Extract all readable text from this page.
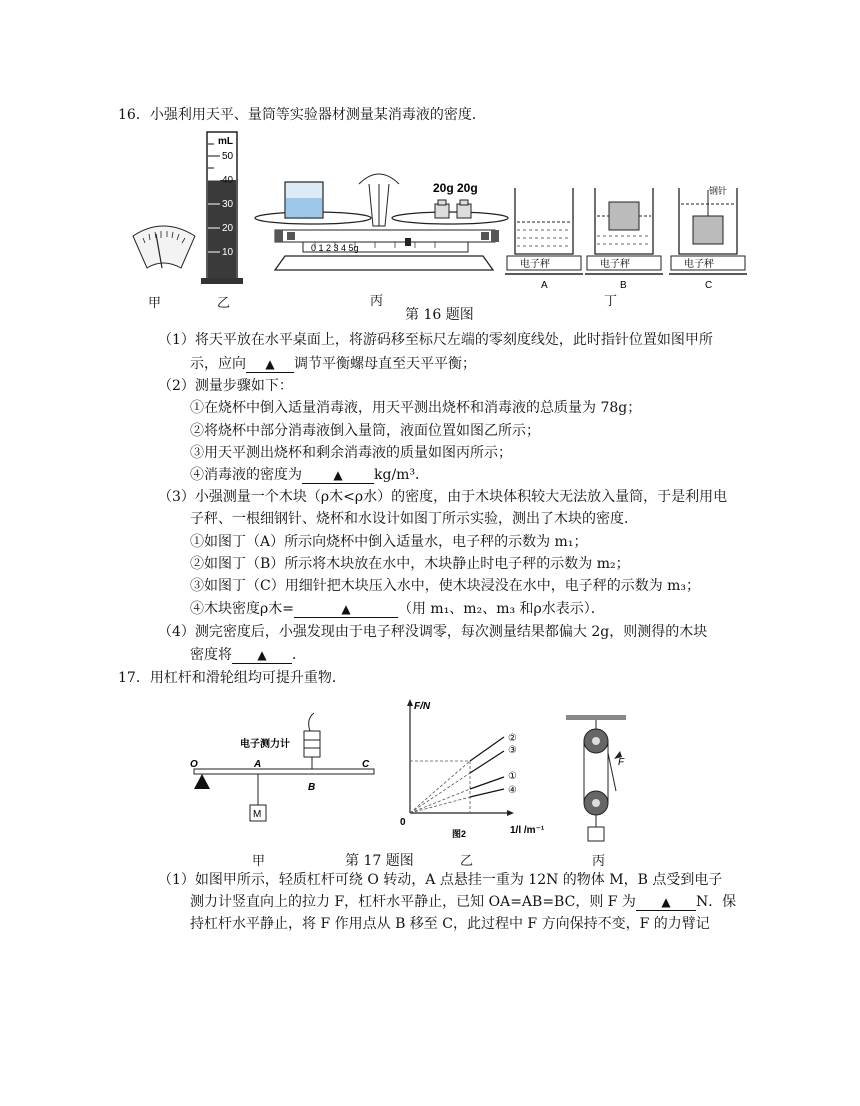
16．小强利用天平、量筒等实验器材测量某消毒液的密度．
mL
50
40
30
20
10	0 1 2 3 4 5g
20g 20g
电子秤
A
电子秤
B
钢针
电子秤
C
甲	乙	丙	丁
第 16 题图
（1）将天平放在水平桌面上，将游码移至标尺左端的零刻度线处，此时指针位置如图甲所
示，应向 ▲ 调节平衡螺母直至天平平衡；
（2）测量步骤如下：
①在烧杯中倒入适量消毒液，用天平测出烧杯和消毒液的总质量为 78g；
②将烧杯中部分消毒液倒入量筒，液面位置如图乙所示；
③用天平测出烧杯和剩余消毒液的质量如图丙所示；
④消毒液的密度为	▲ kg/m³．
（3）小强测量一个木块（ρ木<ρ水）的密度，由于木块体积较大无法放入量筒，于是利用电
子秤、一根细钢针、烧杯和水设计如图丁所示实验，测出了木块的密度．
①如图丁（A）所示向烧杯中倒入适量水，电子秤的示数为 m₁；
②如图丁（B）所示将木块放在水中，木块静止时电子秤的示数为 m₂；
③如图丁（C）用细针把木块压入水中，使木块浸没在水中，电子秤的示数为 m₃；
④木块密度ρ木=	▲	（用 m₁、m₂、m₃ 和ρ水表示）．
（4）测完密度后，小强发现由于电子秤没调零，每次测量结果都偏大 2g，则测得的木块
密度将 ▲ ．
17．用杠杆和滑轮组均可提升重物．
O	A
B
C
M
电子测力计
F/N
0
图2	1/l /m⁻¹
②
③
①
④
F
甲	乙	丙
第 17 题图
（1）如图甲所示，轻质杠杆可绕 O 转动，A 点悬挂一重为 12N 的物体 M，B 点受到电子
测力计竖直向上的拉力 F，杠杆水平静止，已知 OA=AB=BC，则 F 为 ▲ N．保
持杠杆水平静止，将 F 作用点从 B 移至 C，此过程中 F 方向保持不变，F 的力臂记
